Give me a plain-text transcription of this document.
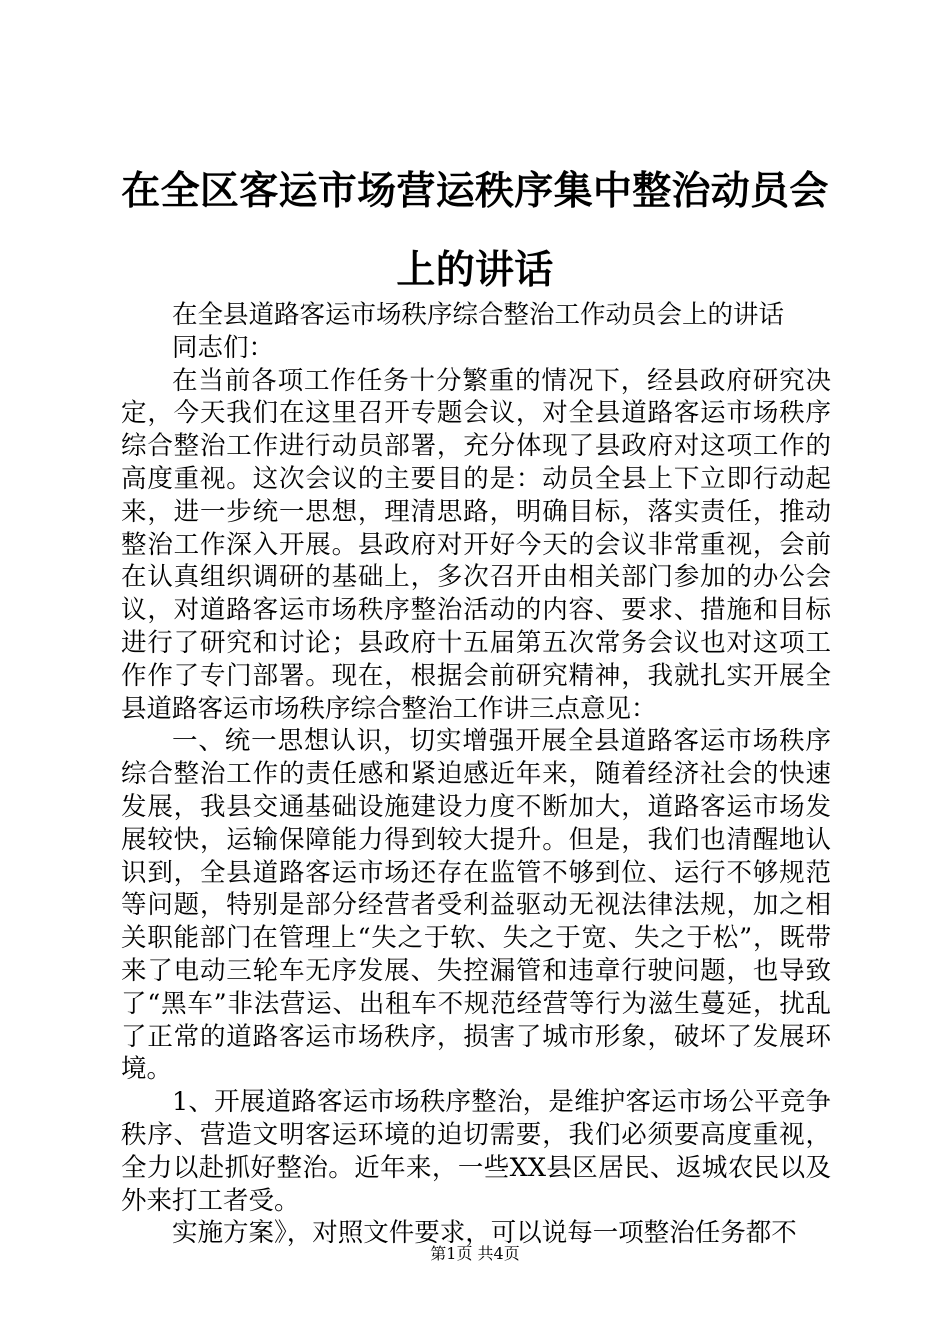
在全区客运市场营运秩序集中整治动员会上的讲话

在全县道路客运市场秩序综合整治工作动员会上的讲话

同志们：

在当前各项工作任务十分繁重的情况下，经县政府研究决定，今天我们在这里召开专题会议，对全县道路客运市场秩序综合整治工作进行动员部署，充分体现了县政府对这项工作的高度重视。这次会议的主要目的是：动员全县上下立即行动起来，进一步统一思想，理清思路，明确目标，落实责任，推动整治工作深入开展。县政府对开好今天的会议非常重视，会前在认真组织调研的基础上，多次召开由相关部门参加的办公会议，对道路客运市场秩序整治活动的内容、要求、措施和目标进行了研究和讨论；县政府十五届第五次常务会议也对这项工作作了专门部署。现在，根据会前研究精神，我就扎实开展全县道路客运市场秩序综合整治工作讲三点意见：

一、统一思想认识，切实增强开展全县道路客运市场秩序综合整治工作的责任感和紧迫感近年来，随着经济社会的快速发展，我县交通基础设施建设力度不断加大，道路客运市场发展较快，运输保障能力得到较大提升。但是，我们也清醒地认识到，全县道路客运市场还存在监管不够到位、运行不够规范等问题，特别是部分经营者受利益驱动无视法律法规，加之相关职能部门在管理上“失之于软、失之于宽、失之于松”，既带来了电动三轮车无序发展、失控漏管和违章行驶问题，也导致了“黑车”非法营运、出租车不规范经营等行为滋生蔓延，扰乱了正常的道路客运市场秩序，损害了城市形象，破坏了发展环境。

1、开展道路客运市场秩序整治，是维护客运市场公平竞争秩序、营造文明客运环境的迫切需要，我们必须要高度重视，全力以赴抓好整治。近年来，一些XX县区居民、返城农民以及外来打工者受。

实施方案》，对照文件要求，可以说每一项整治任务都不

第1页 共4页
